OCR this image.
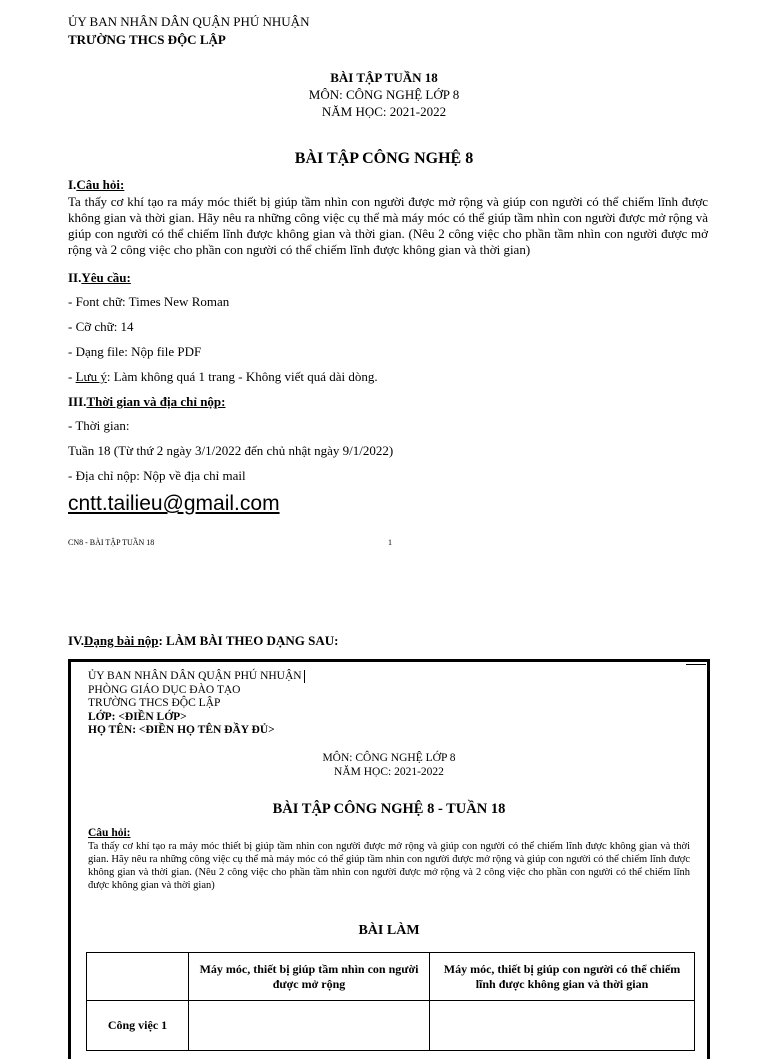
ỦY BAN NHÂN DÂN QUẬN PHÚ NHUẬN
TRƯỜNG THCS ĐỘC LẬP
BÀI TẬP TUẦN 18
MÔN: CÔNG NGHỆ LỚP 8
NĂM HỌC: 2021-2022
BÀI TẬP CÔNG NGHỆ 8
I.Câu hỏi:
Ta thấy cơ khí tạo ra máy móc thiết bị giúp tầm nhìn con người được mở rộng và giúp con người có thể chiếm lĩnh được không gian và thời gian. Hãy nêu ra những công việc cụ thể mà máy móc có thể giúp tầm nhìn con người được mở rộng và giúp con người có thể chiếm lĩnh được không gian và thời gian. (Nêu 2 công việc cho phần tầm nhìn con người được mở rộng và 2 công việc cho phần con người có thể chiếm lĩnh được không gian và thời gian)
II.Yêu cầu:
- Font chữ: Times New Roman
- Cỡ chữ: 14
- Dạng file: Nộp file PDF
- Lưu ý: Làm không quá 1 trang - Không viết quá dài dòng.
III.Thời gian và địa chỉ nộp:
- Thời gian:
Tuần 18 (Từ thứ 2 ngày 3/1/2022 đến chủ nhật ngày 9/1/2022)
- Địa chỉ nộp: Nộp về địa chỉ mail
cntt.tailieu@gmail.com
CN8 - BÀI TẬP TUẦN 18	1
IV.Dạng bài nộp: LÀM BÀI THEO DẠNG SAU:
ỦY BAN NHÂN DÂN QUẬN PHÚ NHUẬN
PHÒNG GIÁO DỤC ĐÀO TẠO
TRƯỜNG THCS ĐỘC LẬP
LỚP: <ĐIỀN LỚP>
HỌ TÊN: <ĐIỀN HỌ TÊN ĐẦY ĐỦ>
MÔN: CÔNG NGHỆ LỚP 8
NĂM HỌC: 2021-2022
BÀI TẬP CÔNG NGHỆ 8 - TUẦN 18
Câu hỏi:
Ta thấy cơ khí tạo ra máy móc thiết bị giúp tầm nhìn con người được mở rộng và giúp con người có thể chiếm lĩnh được không gian và thời gian. Hãy nêu ra những công việc cụ thể mà máy móc có thể giúp tầm nhìn con người được mở rộng và giúp con người có thể chiếm lĩnh được không gian và thời gian. (Nêu 2 công việc cho phần tầm nhìn con người được mở rộng và 2 công việc cho phần con người có thể chiếm lĩnh được không gian và thời gian)
BÀI LÀM
	Máy móc, thiết bị giúp tầm nhìn con người được mở rộng	Máy móc, thiết bị giúp con người có thể chiếm lĩnh được không gian và thời gian
Công việc 1		
